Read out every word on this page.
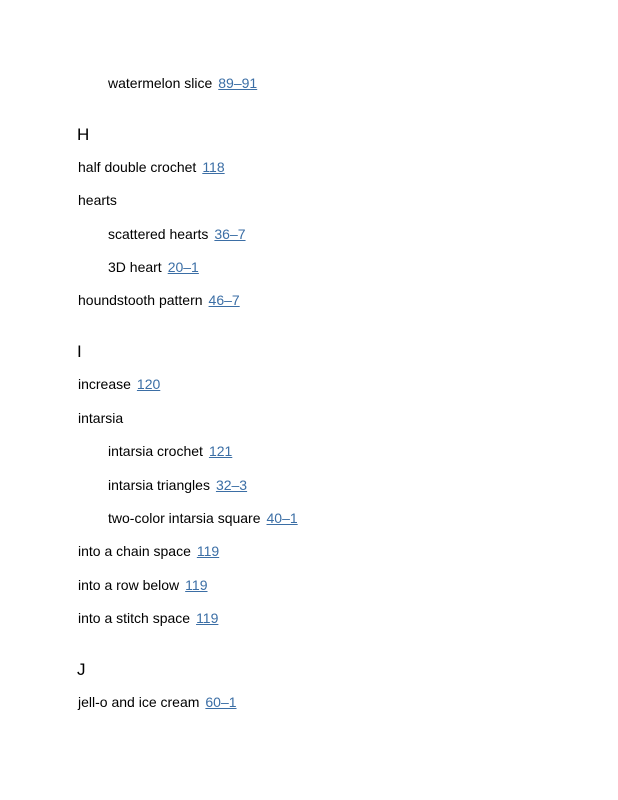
watermelon slice 89–91
H
half double crochet 118
hearts
scattered hearts 36–7
3D heart 20–1
houndstooth pattern 46–7
I
increase 120
intarsia
intarsia crochet 121
intarsia triangles 32–3
two-color intarsia square 40–1
into a chain space 119
into a row below 119
into a stitch space 119
J
jell-o and ice cream 60–1
